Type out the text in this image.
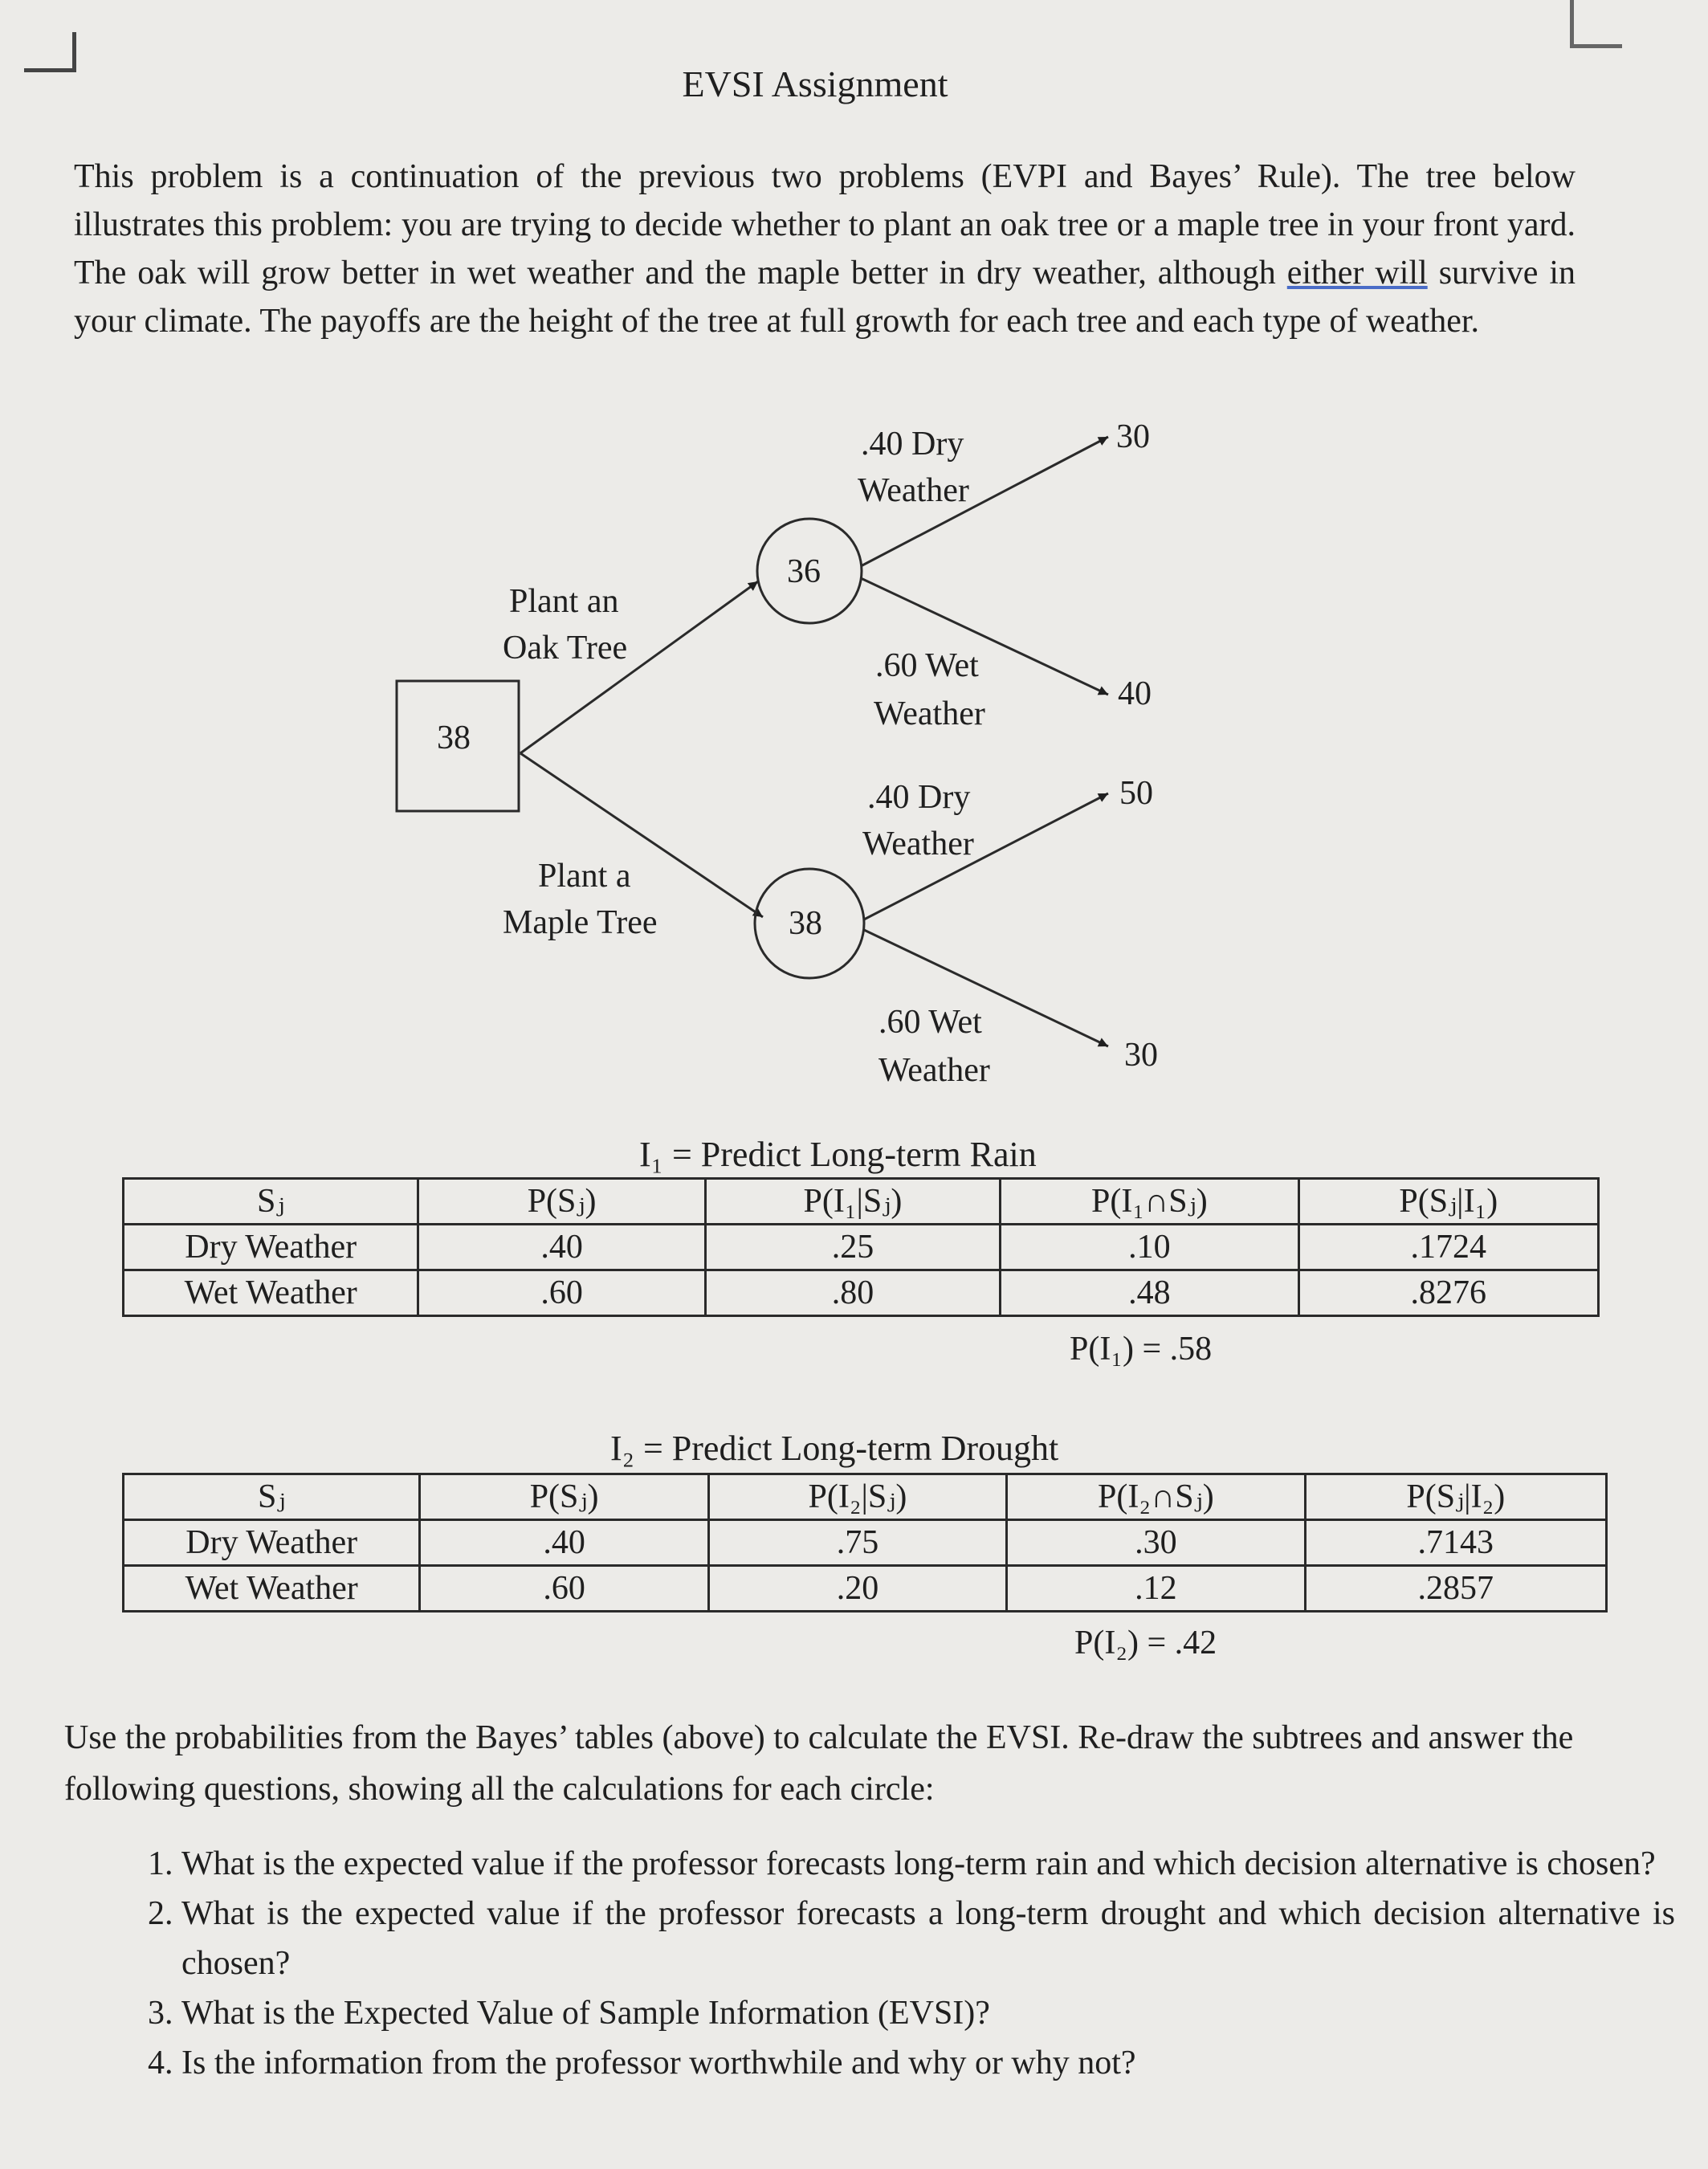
EVSI Assignment
This problem is a continuation of the previous two problems (EVPI and Bayes’ Rule). The tree below illustrates this problem: you are trying to decide whether to plant an oak tree or a maple tree in your front yard. The oak will grow better in wet weather and the maple better in dry weather, although either will survive in your climate. The payoffs are the height of the tree at full growth for each tree and each type of weather.
38
36
38
Plant an
Oak Tree
Plant a
Maple Tree
.40 Dry
Weather
.60 Wet
Weather
.40 Dry
Weather
.60 Wet
Weather
30
40
50
30
I₁ = Predict Long-term Rain
Sⱼ	P(Sⱼ)	P(I₁|Sⱼ)	P(I₁∩Sⱼ)	P(Sⱼ|I₁)
Dry Weather	.40	.25	.10	.1724
Wet Weather	.60	.80	.48	.8276
P(I₁) = .58
I₂ = Predict Long-term Drought
Sⱼ	P(Sⱼ)	P(I₂|Sⱼ)	P(I₂∩Sⱼ)	P(Sⱼ|I₂)
Dry Weather	.40	.75	.30	.7143
Wet Weather	.60	.20	.12	.2857
P(I₂) = .42
Use the probabilities from the Bayes’ tables (above) to calculate the EVSI. Re-draw the subtrees and answer the following questions, showing all the calculations for each circle:
1. What is the expected value if the professor forecasts long-term rain and which decision alternative is chosen?
2. What is the expected value if the professor forecasts a long-term drought and which decision alternative is chosen?
3. What is the Expected Value of Sample Information (EVSI)?
4. Is the information from the professor worthwhile and why or why not?
